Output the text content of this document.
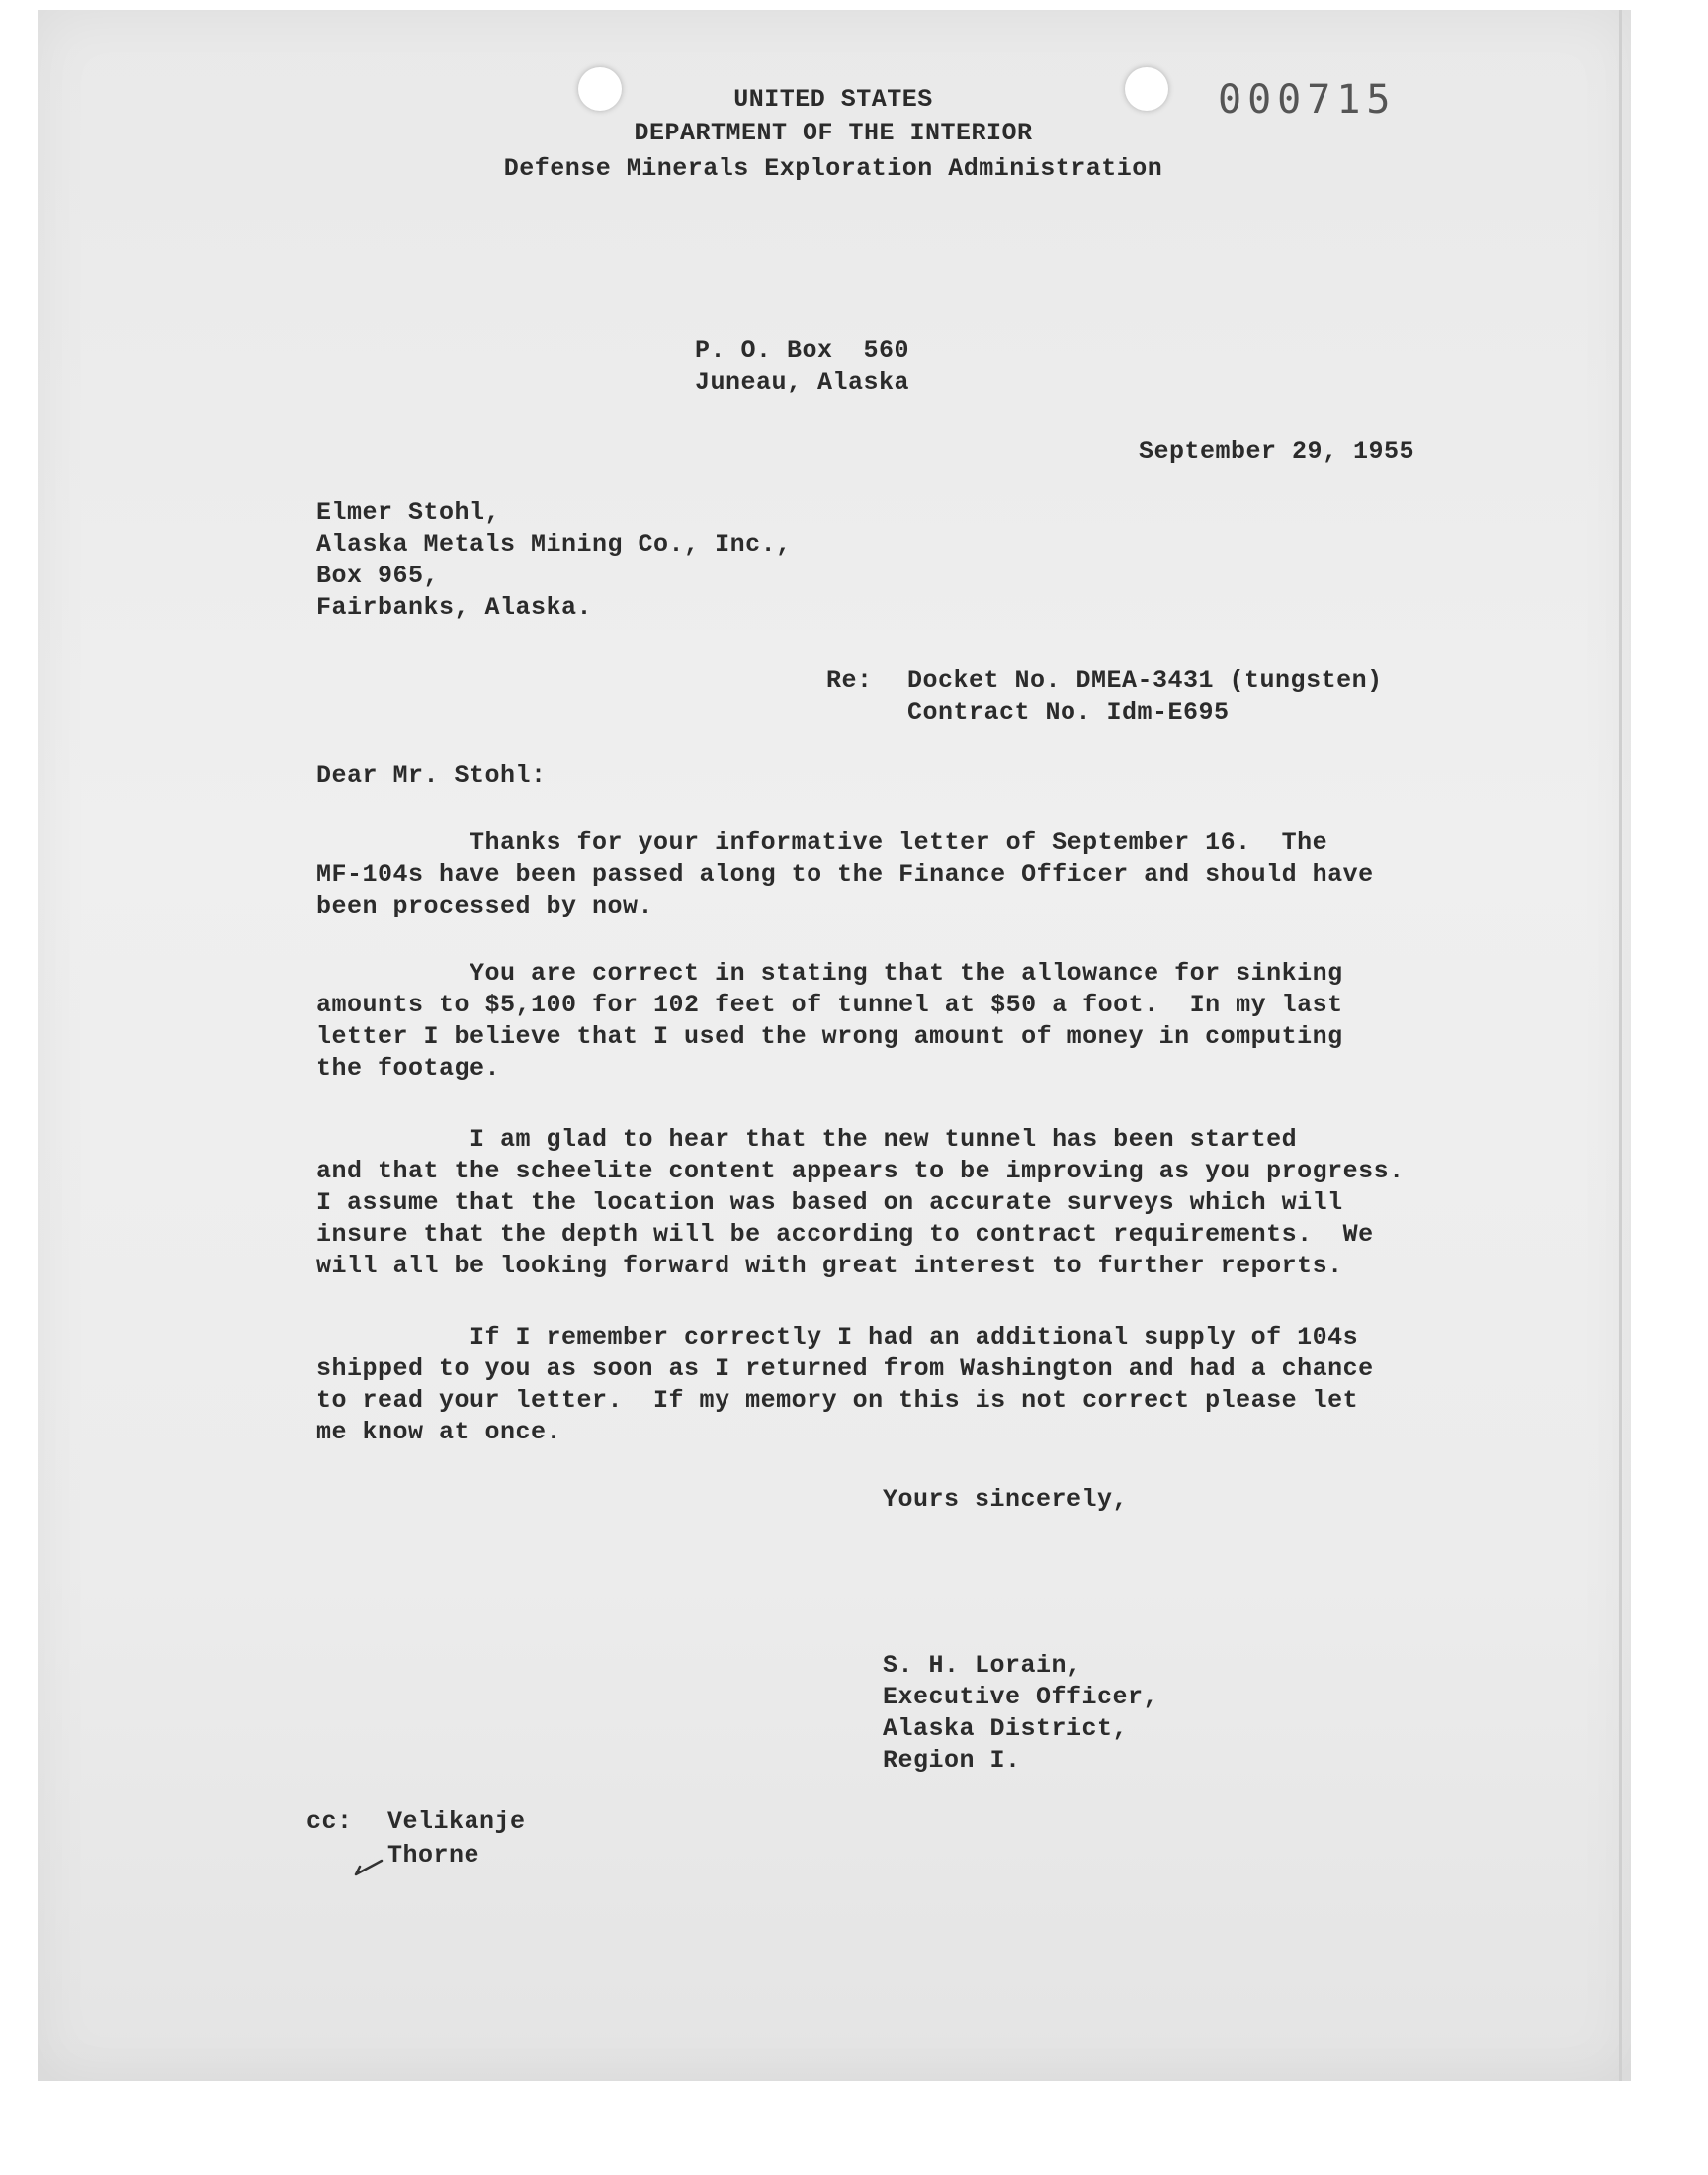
000715
UNITED STATES
DEPARTMENT OF THE INTERIOR
Defense Minerals Exploration Administration
P. O. Box  560
Juneau, Alaska
September 29, 1955
Elmer Stohl,
Alaska Metals Mining Co., Inc.,
Box 965,
Fairbanks, Alaska.
Re: Docket No. DMEA-3431 (tungsten)
Contract No. Idm-E695
Dear Mr. Stohl:
Thanks for your informative letter of September 16.  The
MF-104s have been passed along to the Finance Officer and should have
been processed by now.
You are correct in stating that the allowance for sinking
amounts to $5,100 for 102 feet of tunnel at $50 a foot.  In my last
letter I believe that I used the wrong amount of money in computing
the footage.
I am glad to hear that the new tunnel has been started
and that the scheelite content appears to be improving as you progress.
I assume that the location was based on accurate surveys which will
insure that the depth will be according to contract requirements.  We
will all be looking forward with great interest to further reports.
If I remember correctly I had an additional supply of 104s
shipped to you as soon as I returned from Washington and had a chance
to read your letter.  If my memory on this is not correct please let
me know at once.
Yours sincerely,
S. H. Lorain,
Executive Officer,
Alaska District,
Region I.
cc: Velikanje
Thorne
